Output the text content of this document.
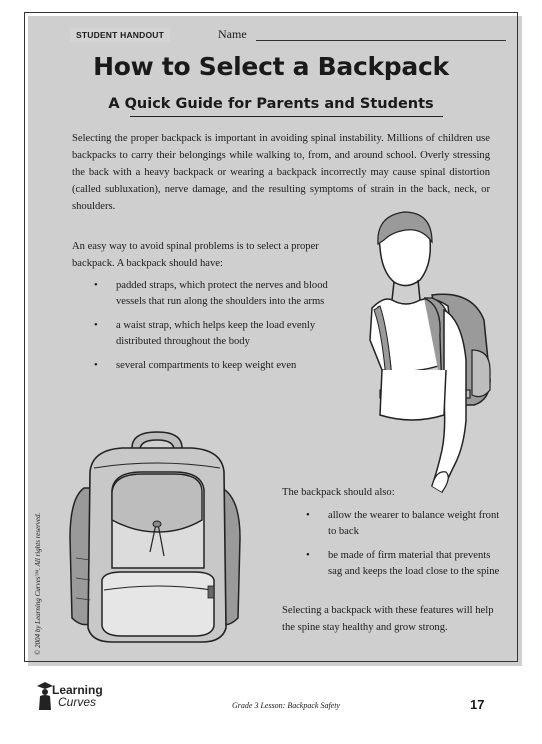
STUDENT HANDOUT	Name
How to Select a Backpack
A Quick Guide for Parents and Students

Selecting the proper backpack is important in avoiding spinal instability. Millions of children use backpacks to carry their belongings while walking to, from, and around school. Overly stressing the back with a heavy backpack or wearing a backpack incorrectly may cause spinal distortion (called subluxation), nerve damage, and the resulting symptoms of strain in the back, neck, or shoulders.

An easy way to avoid spinal problems is to select a proper backpack. A backpack should have:

• padded straps, which protect the nerves and blood vessels that run along the shoulders into the arms
• a waist strap, which helps keep the load evenly distributed throughout the body
• several compartments to keep weight even
The backpack should also:
• allow the wearer to balance weight front to back
• be made of firm material that prevents sag and keeps the load close to the spine

Selecting a backpack with these features will help the spine stay healthy and grow strong.

© 2004 by Learning Curves™. All rights reserved.
Learning
Curves	Grade 3 Lesson: Backpack Safety	17
